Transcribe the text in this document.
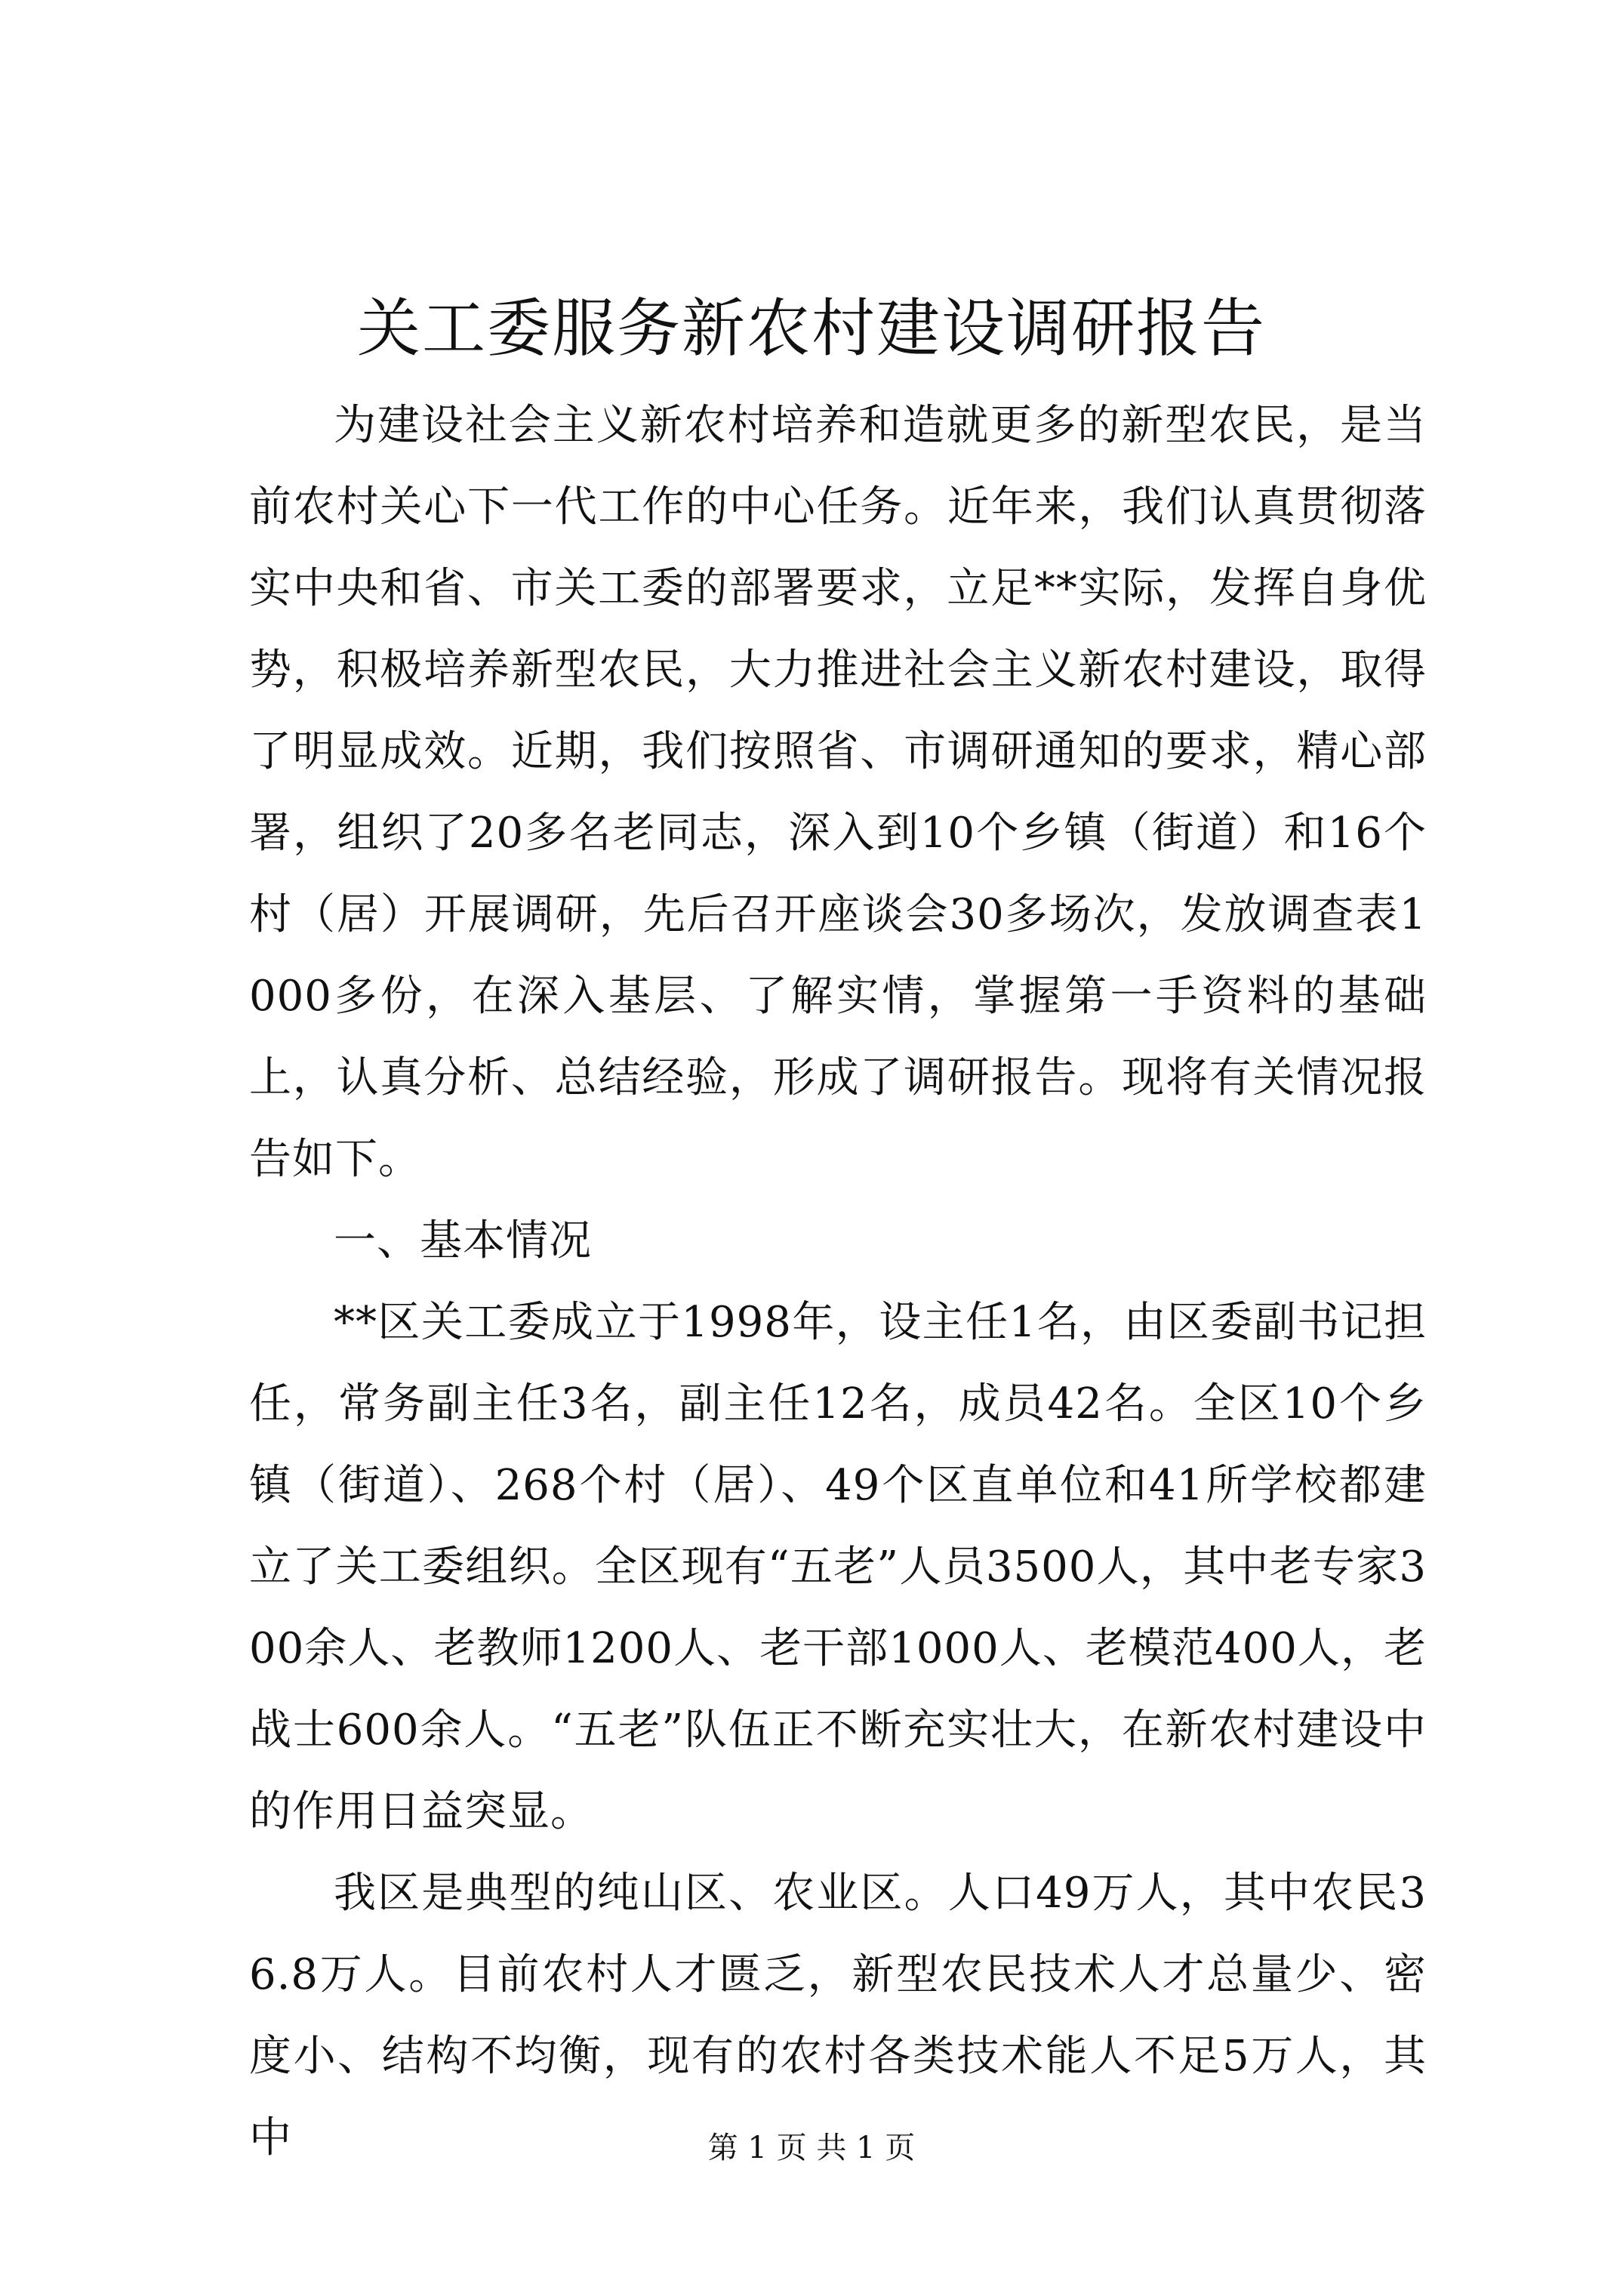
关工委服务新农村建设调研报告

为建设社会主义新农村培养和造就更多的新型农民，是当前农村关心下一代工作的中心任务。近年来，我们认真贯彻落实中央和省、市关工委的部署要求，立足**实际，发挥自身优势，积极培养新型农民，大力推进社会主义新农村建设，取得了明显成效。近期，我们按照省、市调研通知的要求，精心部署，组织了20多名老同志，深入到10个乡镇（街道）和16个村（居）开展调研，先后召开座谈会30多场次，发放调查表1000多份，在深入基层、了解实情，掌握第一手资料的基础上，认真分析、总结经验，形成了调研报告。现将有关情况报告如下。

一、基本情况

**区关工委成立于1998年，设主任1名，由区委副书记担任，常务副主任3名，副主任12名，成员42名。全区10个乡镇（街道）、268个村（居）、49个区直单位和41所学校都建立了关工委组织。全区现有“五老”人员3500人，其中老专家300余人、老教师1200人、老干部1000人、老模范400人，老战士600余人。“五老”队伍正不断充实壮大，在新农村建设中的作用日益突显。

我区是典型的纯山区、农业区。人口49万人，其中农民36.8万人。目前农村人才匮乏，新型农民技术人才总量少、密度小、结构不均衡，现有的农村各类技术能人不足5万人，其中	第 1 页 共 1 页
